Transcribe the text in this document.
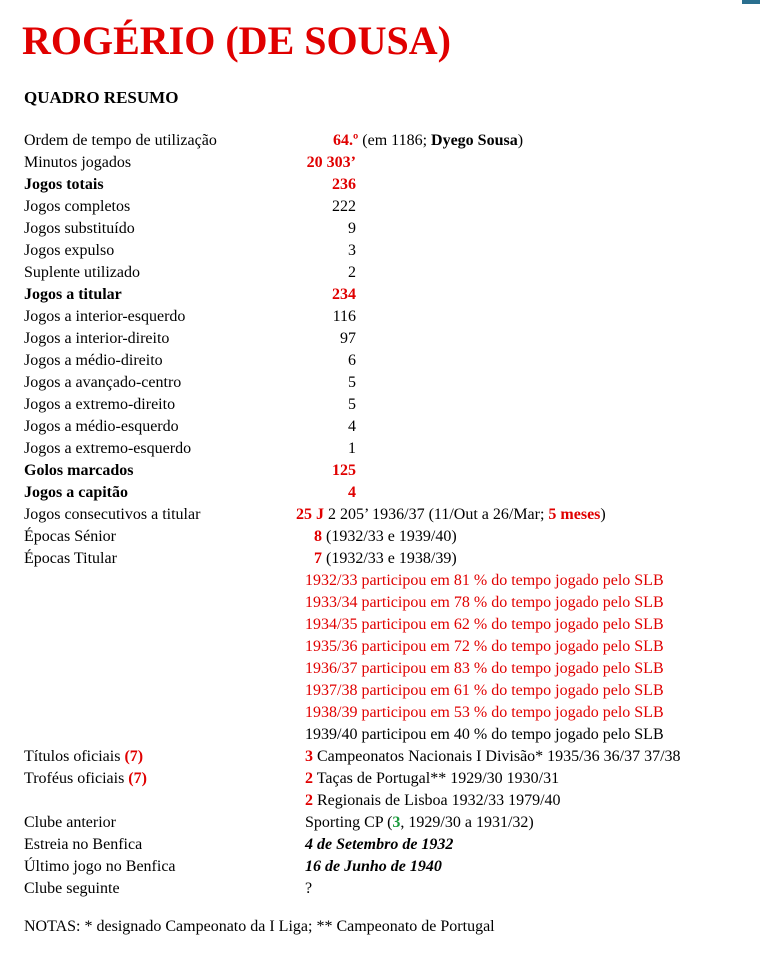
ROGÉRIO (DE SOUSA)
QUADRO RESUMO
Ordem de tempo de utilização	64.º (em 1186; Dyego Sousa)
Minutos jogados	20 303’
Jogos totais	236
Jogos completos	222
Jogos substituído	9
Jogos expulso	3
Suplente utilizado	2
Jogos a titular	234
Jogos a interior-esquerdo	116
Jogos a interior-direito	97
Jogos a médio-direito	6
Jogos a avançado-centro	5
Jogos a extremo-direito	5
Jogos a médio-esquerdo	4
Jogos a extremo-esquerdo	1
Golos marcados	125
Jogos a capitão	4
Jogos consecutivos a titular	25 J 2 205’ 1936/37 (11/Out a 26/Mar; 5 meses)
Épocas Sénior	8 (1932/33 e 1939/40)
Épocas Titular	7 (1932/33 e 1938/39)
1932/33 participou em 81 % do tempo jogado pelo SLB
1933/34 participou em 78 % do tempo jogado pelo SLB
1934/35 participou em 62 % do tempo jogado pelo SLB
1935/36 participou em 72 % do tempo jogado pelo SLB
1936/37 participou em 83 % do tempo jogado pelo SLB
1937/38 participou em 61 % do tempo jogado pelo SLB
1938/39 participou em 53 % do tempo jogado pelo SLB
1939/40 participou em 40 % do tempo jogado pelo SLB
Títulos oficiais (7)	3 Campeonatos Nacionais I Divisão* 1935/36 36/37 37/38
Troféus oficiais (7)	2 Taças de Portugal** 1929/30 1930/31
2 Regionais de Lisboa 1932/33 1979/40
Clube anterior	Sporting CP (3, 1929/30 a 1931/32)
Estreia no Benfica	4 de Setembro de 1932
Último jogo no Benfica	16 de Junho de 1940
Clube seguinte	?

NOTAS: * designado Campeonato da I Liga; ** Campeonato de Portugal
